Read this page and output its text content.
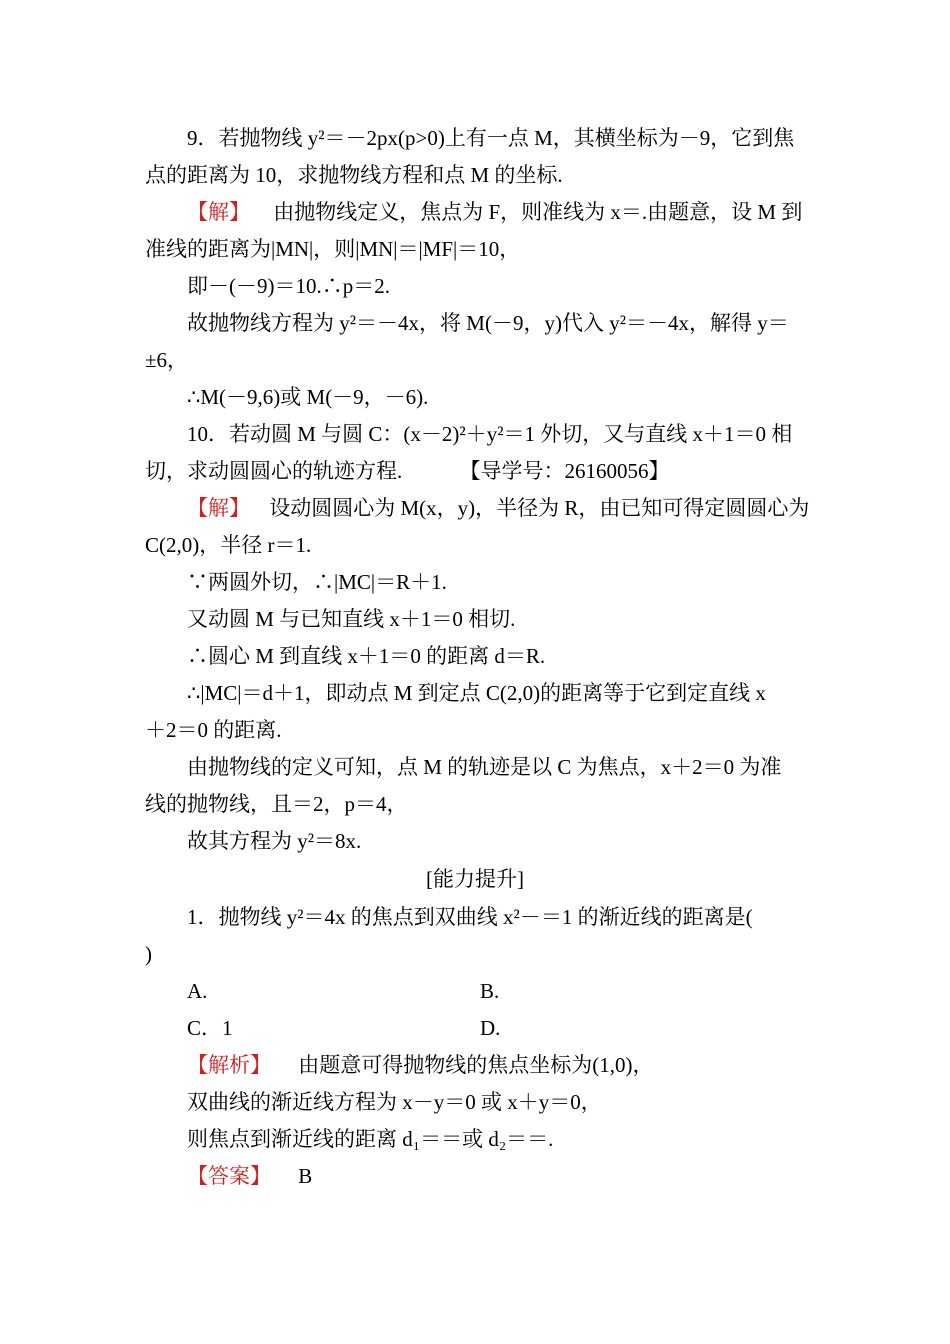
9．若抛物线 y²＝－2px(p>0)上有一点 M，其横坐标为－9，它到焦
点的距离为 10，求抛物线方程和点 M 的坐标.
【解】 由抛物线定义，焦点为 F，则准线为 x＝.由题意，设 M 到
准线的距离为|MN|，则|MN|＝|MF|＝10，
即－(－9)＝10.∴p＝2.
故抛物线方程为 y²＝－4x，将 M(－9，y)代入 y²＝－4x，解得 y＝
±6，
∴M(－9,6)或 M(－9，－6).
10．若动圆 M 与圆 C：(x－2)²＋y²＝1 外切，又与直线 x＋1＝0 相
切，求动圆圆心的轨迹方程.	【导学号：26160056】
【解】 设动圆圆心为 M(x，y)，半径为 R，由已知可得定圆圆心为
C(2,0)，半径 r＝1.
∵两圆外切，∴|MC|＝R＋1.
又动圆 M 与已知直线 x＋1＝0 相切.
∴圆心 M 到直线 x＋1＝0 的距离 d＝R.
∴|MC|＝d＋1，即动点 M 到定点 C(2,0)的距离等于它到定直线 x
＋2＝0 的距离.
由抛物线的定义可知，点 M 的轨迹是以 C 为焦点，x＋2＝0 为准
线的抛物线，且＝2，p＝4，
故其方程为 y²＝8x.
[能力提升]
1．抛物线 y²＝4x 的焦点到双曲线 x²－＝1 的渐近线的距离是(
)
A.	B.
C．1	D.
【解析】 由题意可得抛物线的焦点坐标为(1,0)，
双曲线的渐近线方程为 x－y＝0 或 x＋y＝0，
则焦点到渐近线的距离 d₁＝＝或 d₂＝＝.
【答案】 B
